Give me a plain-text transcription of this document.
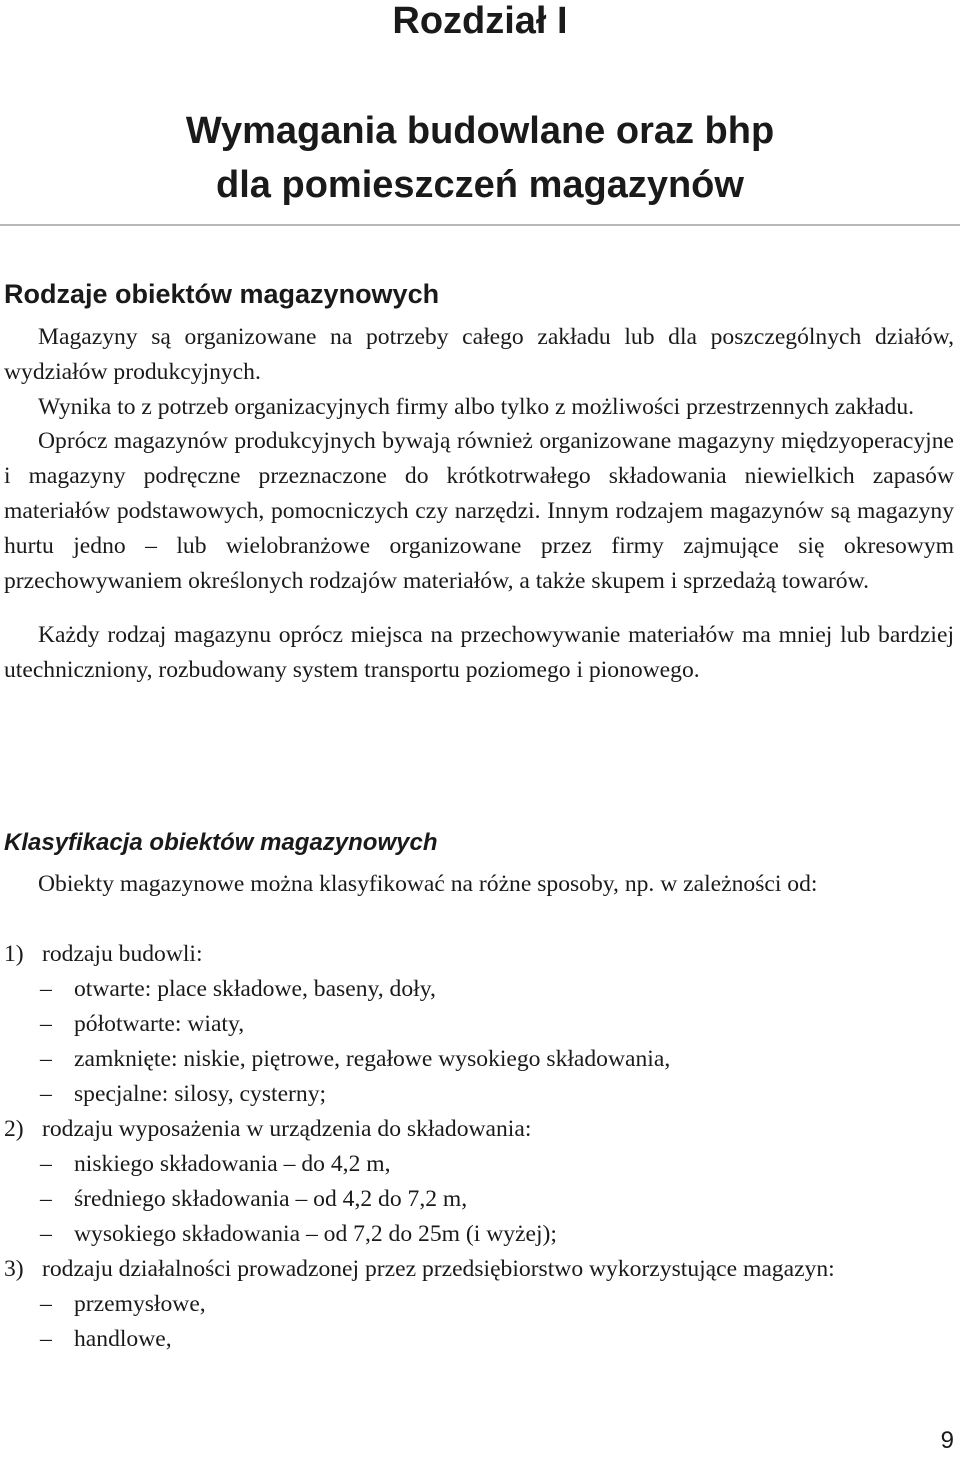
Rozdział I
Wymagania budowlane oraz bhp
dla pomieszczeń magazynów
Rodzaje obiektów magazynowych

Magazyny są organizowane na potrzeby całego zakładu lub dla poszczególnych działów, wydziałów produkcyjnych.

Wynika to z potrzeb organizacyjnych firmy albo tylko z możliwości przestrzennych zakładu.

Oprócz magazynów produkcyjnych bywają również organizowane magazyny międzyoperacyjne i magazyny podręczne przeznaczone do krótkotrwałego składowania niewielkich zapasów materiałów podstawowych, pomocniczych czy narzędzi. Innym rodzajem magazynów są magazyny hurtu jedno – lub wielobranżowe organizowane przez firmy zajmujące się okresowym przechowywaniem określonych rodzajów materiałów, a także skupem i sprzedażą towarów.

Każdy rodzaj magazynu oprócz miejsca na przechowywanie materiałów ma mniej lub bardziej utechniczniony, rozbudowany system transportu poziomego i pionowego.

Klasyfikacja obiektów magazynowych

Obiekty magazynowe można klasyfikować na różne sposoby, np. w zależności od:

1) rodzaju budowli:
– otwarte: place składowe, baseny, doły,
– półotwarte: wiaty,
– zamknięte: niskie, piętrowe, regałowe wysokiego składowania,
– specjalne: silosy, cysterny;
2) rodzaju wyposażenia w urządzenia do składowania:
– niskiego składowania – do 4,2 m,
– średniego składowania – od 4,2 do 7,2 m,
– wysokiego składowania – od 7,2 do 25m (i wyżej);
3) rodzaju działalności prowadzonej przez przedsiębiorstwo wykorzystujące magazyn:
– przemysłowe,
– handlowe,
9
